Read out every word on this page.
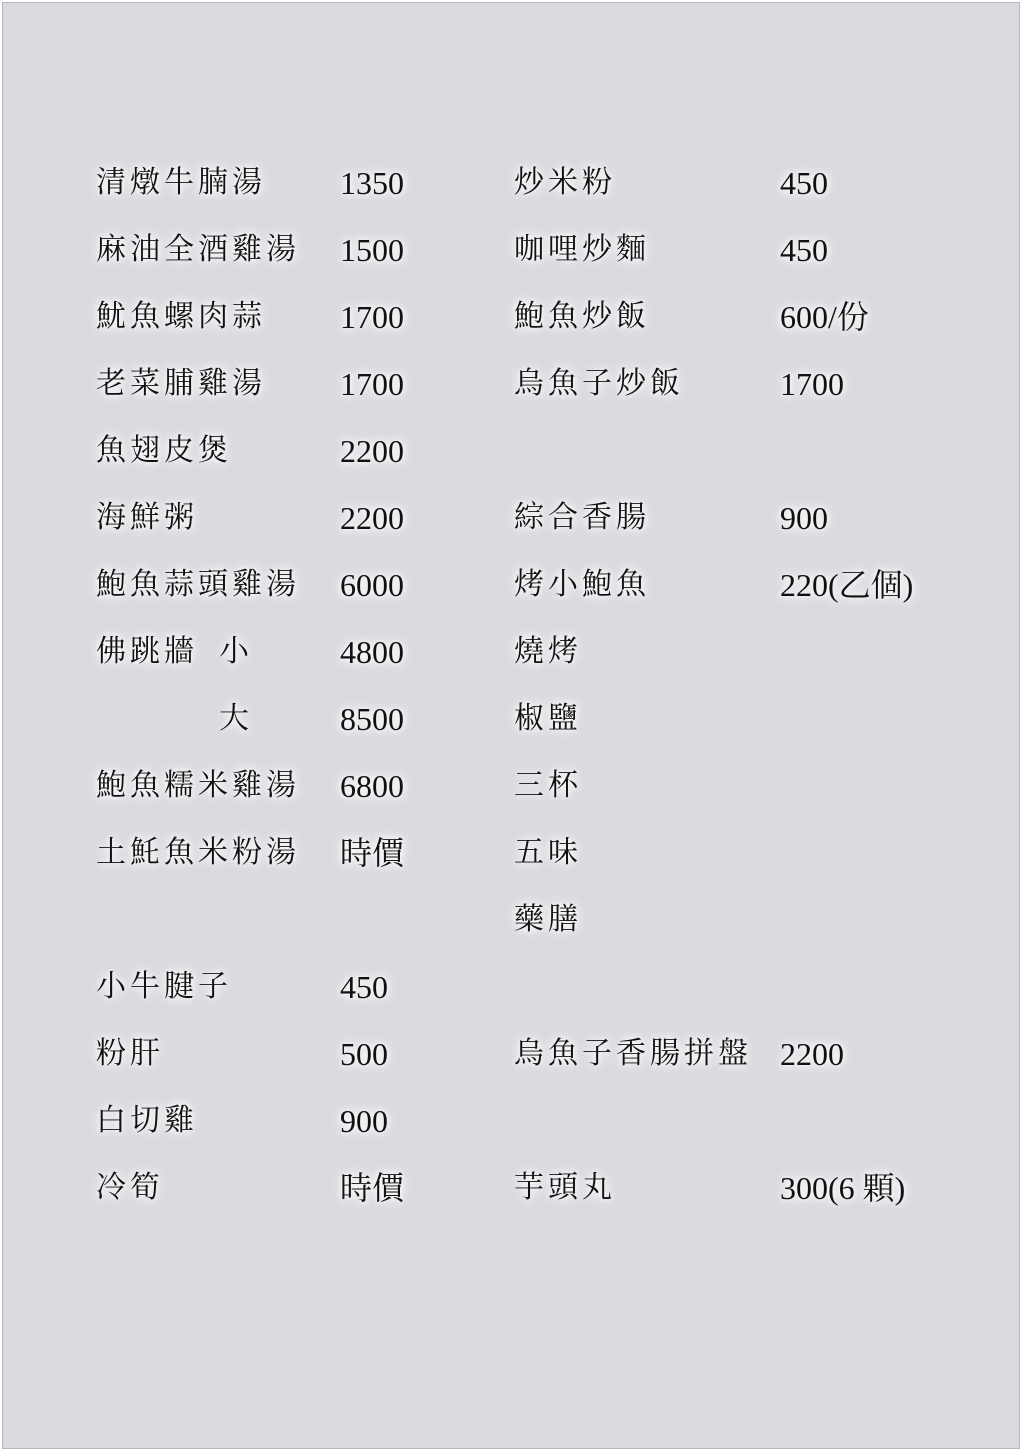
清燉牛腩湯 1350	炒米粉	450
麻油全酒雞湯 1500	咖哩炒麵	450
魷魚螺肉蒜 1700	鮑魚炒飯	600/份
老菜脯雞湯 1700	烏魚子炒飯	1700
魚翅皮煲	2200
海鮮粥	2200	綜合香腸	900
鮑魚蒜頭雞湯 6000	烤小鮑魚	220(乙個)
佛跳牆 小	4800	燒烤
大	8500	椒鹽
鮑魚糯米雞湯 6800	三杯
土魠魚米粉湯 時價	五味
藥膳
小牛腱子	450
粉肝	500	烏魚子香腸拼盤 2200
白切雞	900
冷筍	時價	芋頭丸	300(6 顆)
